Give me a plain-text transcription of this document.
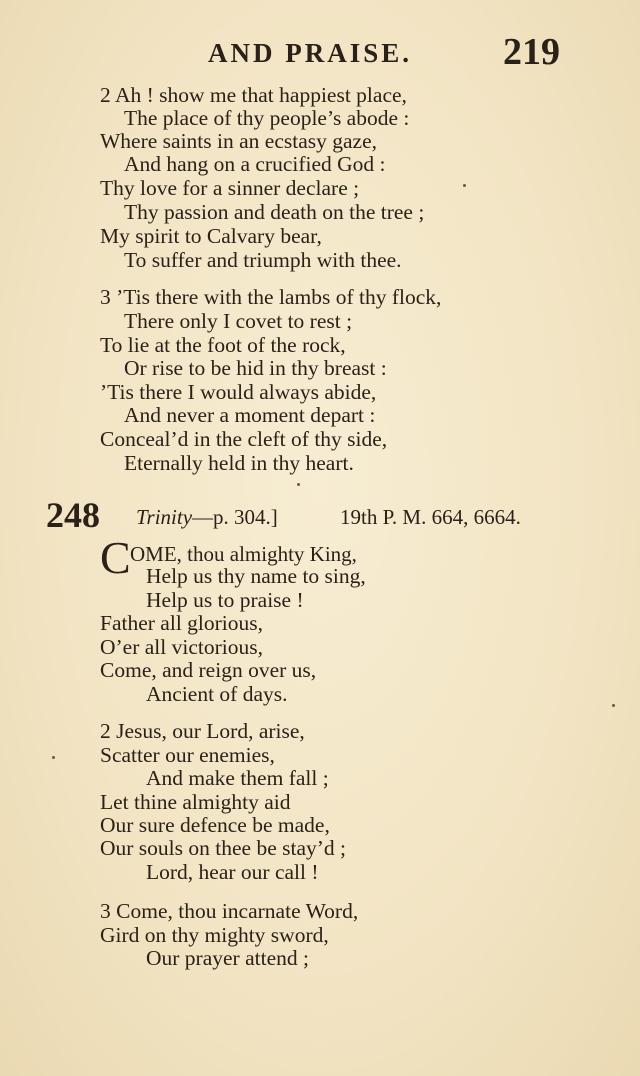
AND PRAISE. 219
2 Ah ! show me that happiest place,
The place of thy people’s abode :
Where saints in an ecstasy gaze,
And hang on a crucified God :
Thy love for a sinner declare ;
Thy passion and death on the tree ;
My spirit to Calvary bear,
To suffer and triumph with thee.
3 ’Tis there with the lambs of thy flock,
There only I covet to rest ;
To lie at the foot of the rock,
Or rise to be hid in thy breast :
’Tis there I would always abide,
And never a moment depart :
Conceal’d in the cleft of thy side,
Eternally held in thy heart.
248 Trinity—p. 304.]	19th P. M. 664, 6664.
C OME, thou almighty King,
Help us thy name to sing,
Help us to praise !
Father all glorious,
O’er all victorious,
Come, and reign over us,
Ancient of days.
2 Jesus, our Lord, arise,
Scatter our enemies,
And make them fall ;
Let thine almighty aid
Our sure defence be made,
Our souls on thee be stay’d ;
Lord, hear our call !
3 Come, thou incarnate Word,
Gird on thy mighty sword,
Our prayer attend ;
